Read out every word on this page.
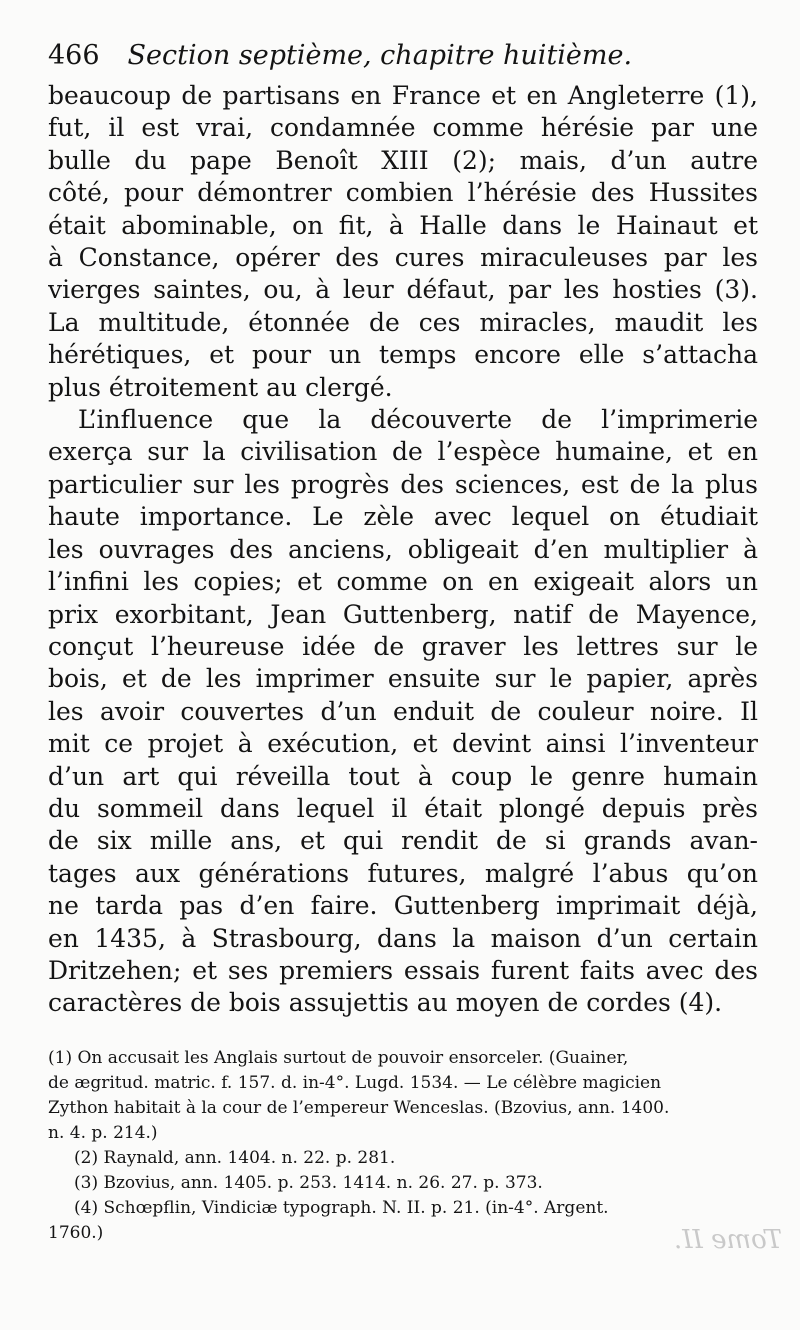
466 Section septième, chapitre huitième.

beaucoup de partisans en France et en Angleterre (1),
fut, il est vrai, condamnée comme hérésie par une
bulle du pape Benoît XIII (2); mais, d’un autre
côté, pour démontrer combien l’hérésie des Hussites
était abominable, on fit, à Halle dans le Hainaut et
à Constance, opérer des cures miraculeuses par les
vierges saintes, ou, à leur défaut, par les hosties (3).
La multitude, étonnée de ces miracles, maudit les
hérétiques, et pour un temps encore elle s’attacha
plus étroitement au clergé.

L’influence que la découverte de l’imprimerie
exerça sur la civilisation de l’espèce humaine, et en
particulier sur les progrès des sciences, est de la plus
haute importance. Le zèle avec lequel on étudiait
les ouvrages des anciens, obligeait d’en multiplier à
l’infini les copies; et comme on en exigeait alors un
prix exorbitant, Jean Guttenberg, natif de Mayence,
conçut l’heureuse idée de graver les lettres sur le
bois, et de les imprimer ensuite sur le papier, après
les avoir couvertes d’un enduit de couleur noire. Il
mit ce projet à exécution, et devint ainsi l’inventeur
d’un art qui réveilla tout à coup le genre humain
du sommeil dans lequel il était plongé depuis près
de six mille ans, et qui rendit de si grands avan-
tages aux générations futures, malgré l’abus qu’on
ne tarda pas d’en faire. Guttenberg imprimait déjà,
en 1435, à Strasbourg, dans la maison d’un certain
Dritzehen; et ses premiers essais furent faits avec des
caractères de bois assujettis au moyen de cordes (4).

(1) On accusait les Anglais surtout de pouvoir ensorceler. (Guainer,
de ægritud. matric. f. 157. d. in-4°. Lugd. 1534. — Le célèbre magicien
Zython habitait à la cour de l’empereur Wenceslas. (Bzovius, ann. 1400.
n. 4. p. 214.)
(2) Raynald, ann. 1404. n. 22. p. 281.
(3) Bzovius, ann. 1405. p. 253. 1414. n. 26. 27. p. 373.
(4) Schœpflin, Vindiciæ typograph. N. II. p. 21. (in-4°. Argent.
1760.)	Tome II.
